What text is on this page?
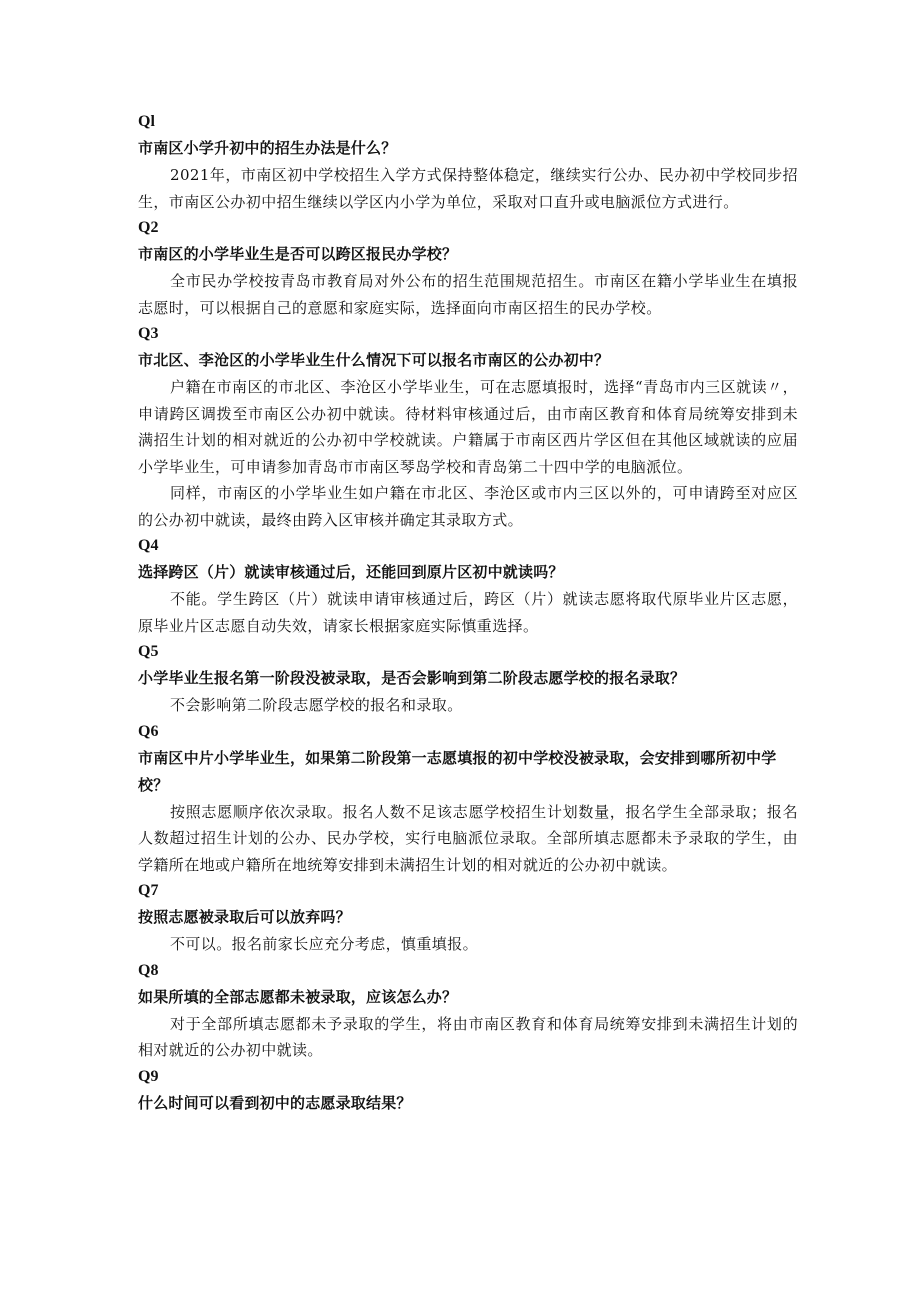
Ql
市南区小学升初中的招生办法是什么？

2021年，市南区初中学校招生入学方式保持整体稳定，继续实行公办、民办初中学校同步招生，市南区公办初中招生继续以学区内小学为单位，采取对口直升或电脑派位方式进行。

Q2
市南区的小学毕业生是否可以跨区报民办学校？

全市民办学校按青岛市教育局对外公布的招生范围规范招生。市南区在籍小学毕业生在填报志愿时，可以根据自己的意愿和家庭实际，选择面向市南区招生的民办学校。

Q3
市北区、李沧区的小学毕业生什么情况下可以报名市南区的公办初中？

户籍在市南区的市北区、李沧区小学毕业生，可在志愿填报时，选择“青岛市内三区就读〃，申请跨区调拨至市南区公办初中就读。待材料审核通过后，由市南区教育和体育局统筹安排到未满招生计划的相对就近的公办初中学校就读。户籍属于市南区西片学区但在其他区域就读的应届小学毕业生，可申请参加青岛市市南区琴岛学校和青岛第二十四中学的电脑派位。

同样，市南区的小学毕业生如户籍在市北区、李沧区或市内三区以外的，可申请跨至对应区的公办初中就读，最终由跨入区审核并确定其录取方式。

Q4
选择跨区（片）就读审核通过后，还能回到原片区初中就读吗？

不能。学生跨区（片）就读申请审核通过后，跨区（片）就读志愿将取代原毕业片区志愿，原毕业片区志愿自动失效，请家长根据家庭实际慎重选择。

Q5
小学毕业生报名第一阶段没被录取，是否会影响到第二阶段志愿学校的报名录取？

不会影响第二阶段志愿学校的报名和录取。

Q6
市南区中片小学毕业生，如果第二阶段第一志愿填报的初中学校没被录取，会安排到哪所初中学校？

按照志愿顺序依次录取。报名人数不足该志愿学校招生计划数量，报名学生全部录取；报名人数超过招生计划的公办、民办学校，实行电脑派位录取。全部所填志愿都未予录取的学生，由学籍所在地或户籍所在地统筹安排到未满招生计划的相对就近的公办初中就读。

Q7
按照志愿被录取后可以放弃吗？

不可以。报名前家长应充分考虑，慎重填报。

Q8
如果所填的全部志愿都未被录取，应该怎么办？

对于全部所填志愿都未予录取的学生，将由市南区教育和体育局统筹安排到未满招生计划的相对就近的公办初中就读。

Q9
什么时间可以看到初中的志愿录取结果？
